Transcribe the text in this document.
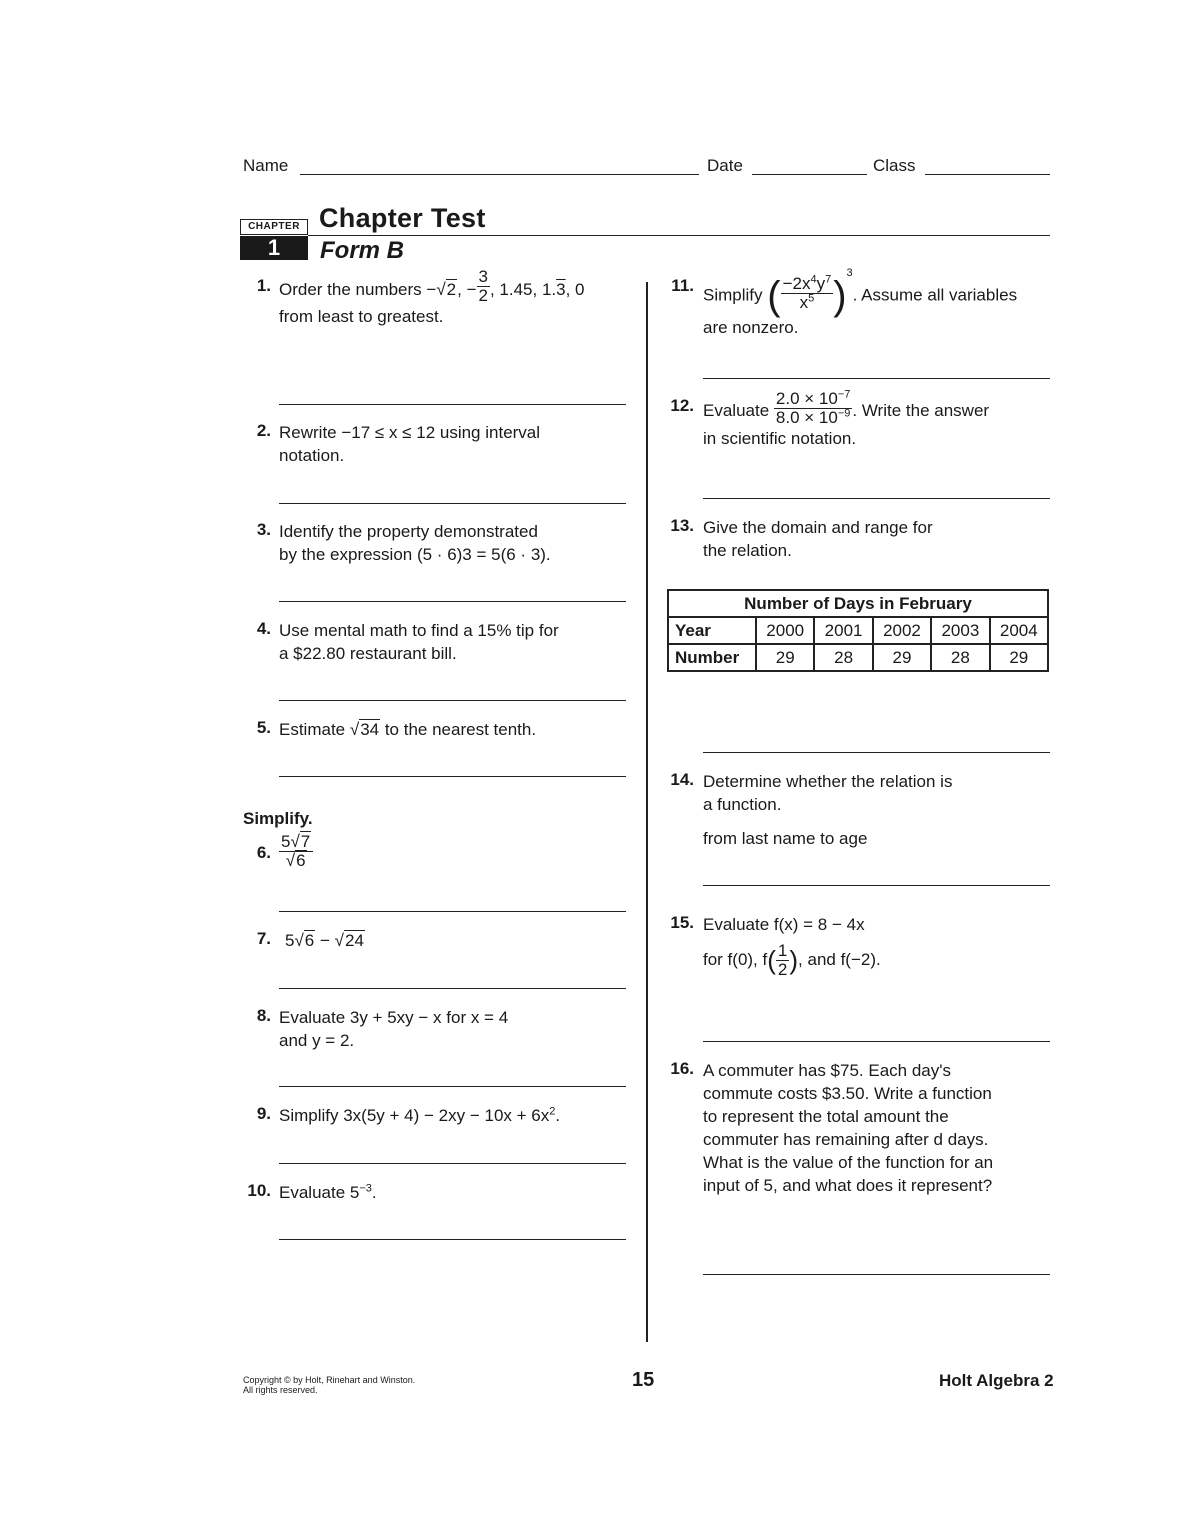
Name	Date	Class
CHAPTER
1
Chapter Test
Form B
1. Order the numbers −√2, − $\frac{3}{2}$ , 1.45, 1.3, 0
from least to greatest.
2. Rewrite −17 ≤ x ≤ 12 using interval
notation.
3. Identify the property demonstrated
by the expression (5 · 6)3 = 5(6 · 3).
4. Use mental math to find a 15% tip for
a $22.80 restaurant bill.
5. Estimate √34 to the nearest tenth.
Simplify.
6. $\frac{5√7}{√6}$
7. 5√6 − √24
8. Evaluate 3y + 5xy − x for x = 4
and y = 2.
9. Simplify $3x(5y + 4) - 2xy - 10x + 6x^2$.
10. Evaluate $5^{-3}$.
11. Simplify ( $\frac{-2x^4y^7}{x^5} )^3$. Assume all variables
are nonzero.
12. Evaluate $\frac{2.0 \times 10^{-7}}{8.0 \times 10^{-9}}$ . Write the answer
in scientific notation.
13. Give the domain and range for
the relation.
Number of Days in February					
Year	2000	2001	2002	2003	2004
Number	29	28	29	28	29
14. Determine whether the relation is
a function.
from last name to age
15. Evaluate f(x) = 8 − 4x
for f(0), $f( \frac{1}{2}$ ), and f(−2).
16. A commuter has $75. Each day's
commute costs $3.50. Write a function
to represent the total amount the
commuter has remaining after d days.
What is the value of the function for an
input of 5, and what does it represent?
Copyright © by Holt, Rinehart and Winston.
All rights reserved.	15	Holt Algebra 2
